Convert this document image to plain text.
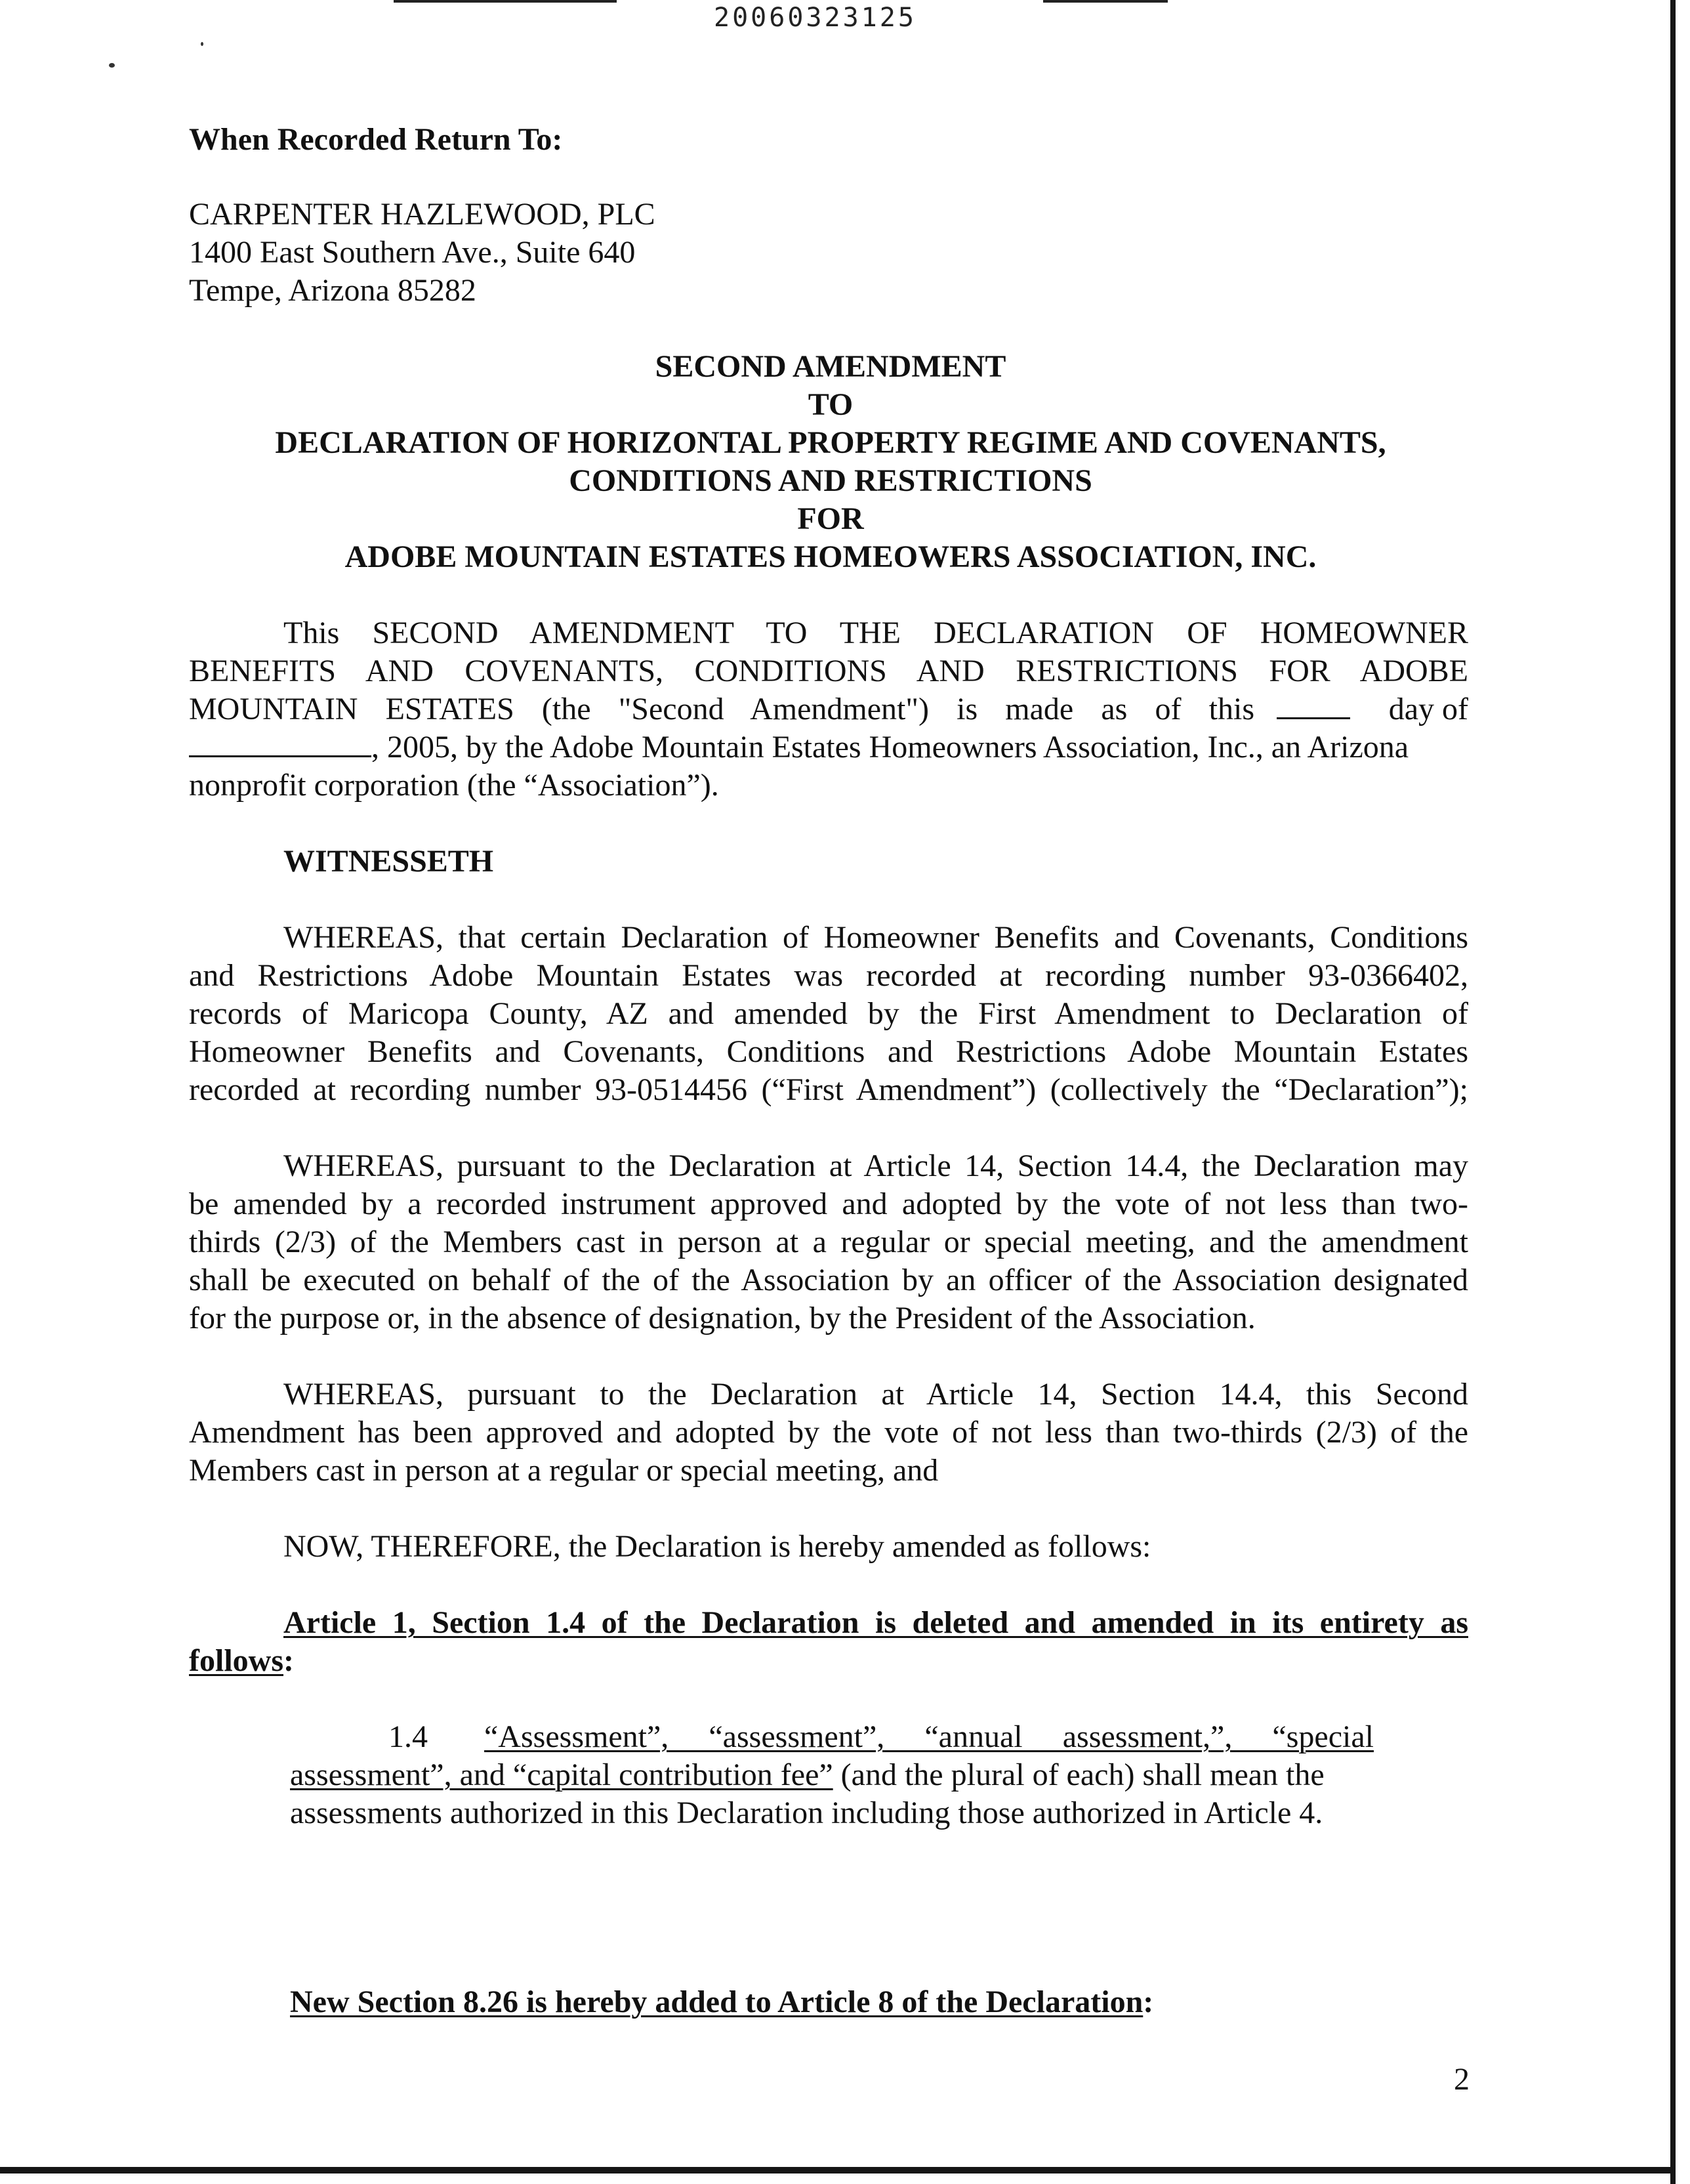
20060323125
When Recorded Return To:
CARPENTER HAZLEWOOD, PLC
1400 East Southern Ave., Suite 640
Tempe, Arizona 85282
SECOND AMENDMENT
TO
DECLARATION OF HORIZONTAL PROPERTY REGIME AND COVENANTS,
CONDITIONS AND RESTRICTIONS
FOR
ADOBE MOUNTAIN ESTATES HOMEOWERS ASSOCIATION, INC.
This SECOND AMENDMENT TO THE DECLARATION OF HOMEOWNER
BENEFITS AND COVENANTS, CONDITIONS AND RESTRICTIONS FOR ADOBE
MOUNTAIN ESTATES (the "Second Amendment") is made as of this	day of
, 2005, by the Adobe Mountain Estates Homeowners Association, Inc., an Arizona
nonprofit corporation (the “Association”).
WITNESSETH
WHEREAS, that certain Declaration of Homeowner Benefits and Covenants, Conditions
and Restrictions Adobe Mountain Estates was recorded at recording number 93-0366402,
records of Maricopa County, AZ and amended by the First Amendment to Declaration of
Homeowner Benefits and Covenants, Conditions and Restrictions Adobe Mountain Estates
recorded at recording number 93-0514456 (“First Amendment”) (collectively the “Declaration”);
WHEREAS, pursuant to the Declaration at Article 14, Section 14.4, the Declaration may
be amended by a recorded instrument approved and adopted by the vote of not less than two-
thirds (2/3) of the Members cast in person at a regular or special meeting, and the amendment
shall be executed on behalf of the of the Association by an officer of the Association designated
for the purpose or, in the absence of designation, by the President of the Association.
WHEREAS, pursuant to the Declaration at Article 14, Section 14.4, this Second
Amendment has been approved and adopted by the vote of not less than two-thirds (2/3) of the
Members cast in person at a regular or special meeting, and
NOW, THEREFORE, the Declaration is hereby amended as follows:
Article 1, Section 1.4 of the Declaration is deleted and amended in its entirety as
follows:
1.4 “Assessment”, “assessment”, “annual assessment,”, “special
assessment”, and “capital contribution fee” (and the plural of each) shall mean the
assessments authorized in this Declaration including those authorized in Article 4.
New Section 8.26 is hereby added to Article 8 of the Declaration:
2
